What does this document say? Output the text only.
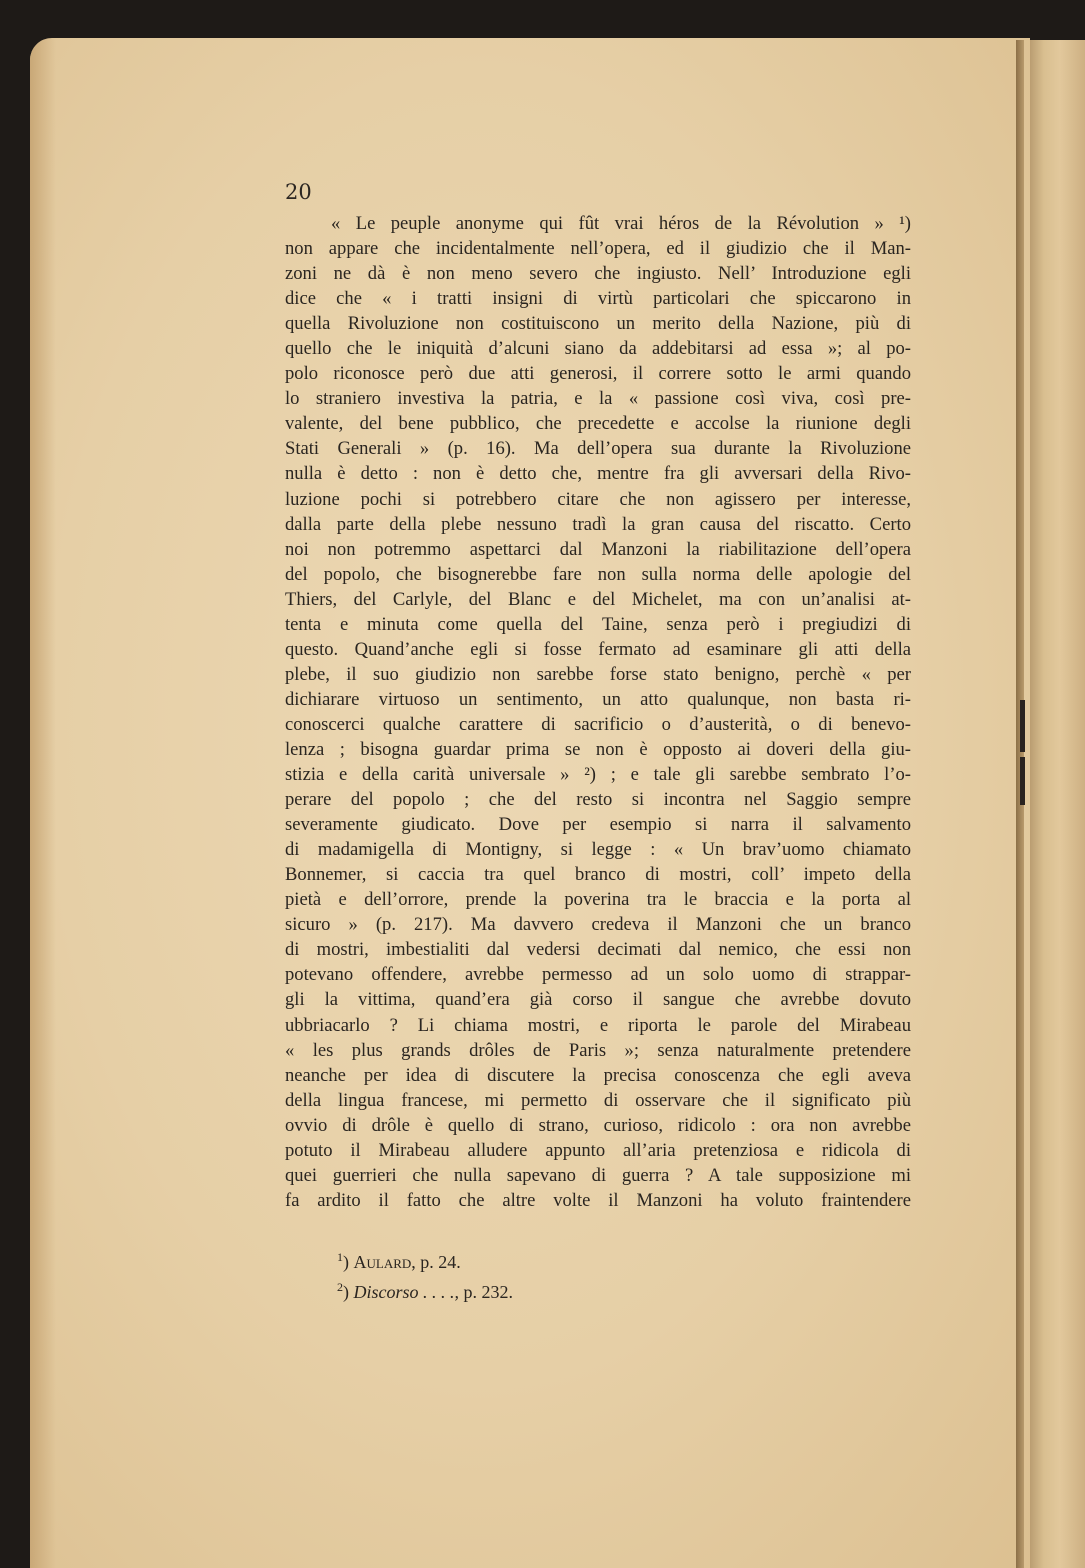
20

« Le peuple anonyme qui fût vrai héros de la Révolution » ¹)
non appare che incidentalmente nell’opera, ed il giudizio che il Man-
zoni ne dà è non meno severo che ingiusto. Nell’ Introduzione egli
dice che « i tratti insigni di virtù particolari che spiccarono in
quella Rivoluzione non costituiscono un merito della Nazione, più di
quello che le iniquità d’alcuni siano da addebitarsi ad essa »; al po-
polo riconosce però due atti generosi, il correre sotto le armi quando
lo straniero investiva la patria, e la « passione così viva, così pre-
valente, del bene pubblico, che precedette e accolse la riunione degli
Stati Generali » (p. 16). Ma dell’opera sua durante la Rivoluzione
nulla è detto : non è detto che, mentre fra gli avversari della Rivo-
luzione pochi si potrebbero citare che non agissero per interesse,
dalla parte della plebe nessuno tradì la gran causa del riscatto. Certo
noi non potremmo aspettarci dal Manzoni la riabilitazione dell’opera
del popolo, che bisognerebbe fare non sulla norma delle apologie del
Thiers, del Carlyle, del Blanc e del Michelet, ma con un’analisi at-
tenta e minuta come quella del Taine, senza però i pregiudizi di
questo. Quand’anche egli si fosse fermato ad esaminare gli atti della
plebe, il suo giudizio non sarebbe forse stato benigno, perchè « per
dichiarare virtuoso un sentimento, un atto qualunque, non basta ri-
conoscerci qualche carattere di sacrificio o d’austerità, o di benevo-
lenza ; bisogna guardar prima se non è opposto ai doveri della giu-
stizia e della carità universale » ²) ; e tale gli sarebbe sembrato l’o-
perare del popolo ; che del resto si incontra nel Saggio sempre
severamente giudicato. Dove per esempio si narra il salvamento
di madamigella di Montigny, si legge : « Un brav’uomo chiamato
Bonnemer, si caccia tra quel branco di mostri, coll’ impeto della
pietà e dell’orrore, prende la poverina tra le braccia e la porta al
sicuro » (p. 217). Ma davvero credeva il Manzoni che un branco
di mostri, imbestialiti dal vedersi decimati dal nemico, che essi non
potevano offendere, avrebbe permesso ad un solo uomo di strappar-
gli la vittima, quand’era già corso il sangue che avrebbe dovuto
ubbriacarlo ? Li chiama mostri, e riporta le parole del Mirabeau
« les plus grands drôles de Paris »; senza naturalmente pretendere
neanche per idea di discutere la precisa conoscenza che egli aveva
della lingua francese, mi permetto di osservare che il significato più
ovvio di drôle è quello di strano, curioso, ridicolo : ora non avrebbe
potuto il Mirabeau alludere appunto all’aria pretenziosa e ridicola di
quei guerrieri che nulla sapevano di guerra ? A tale supposizione mi
fa ardito il fatto che altre volte il Manzoni ha voluto fraintendere
$^1$) Aulard, p. 24.
$^2$) Discorso . . . ., p. 232.
